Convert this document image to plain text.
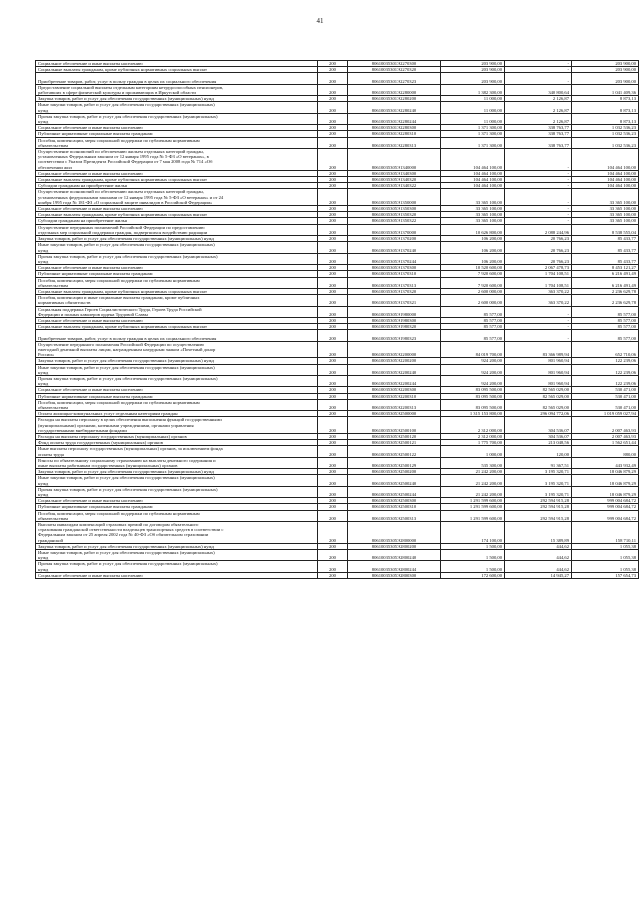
41
Социальное обеспечение и иные выплаты населению	200	80610035301Э2270300	203 900,00	-	203 900,00
Социальные выплаты гражданам, кроме публичных нормативных социальных выплат	200	80610035301Э2270320	203 900,00	-	203 900,00

Приобретение товаров, работ, услуг в пользу граждан в целях их социального обеспечения	200	80610035301Э2270323	203 900,00	-	203 900,00
Предоставление социальной выплаты отдельным категориям нетрудоспособных пенсионеров,
работавших в сфере физической культуры и проживающих в Иркутской области	200	80610035301Э2280000	1 382 300,00	340 800,64	1 041 409,36
Закупка товаров, работ и услуг для обеспечения государственных (муниципальных) нужд	200	80610035301Э2280200	11 000,00	2 126,87	8 873,13
Иные закупки товаров, работ и услуг для обеспечения государственных (муниципальных)
нужд	200	80610035301Э2280240	11 000,00	2 126,87	8 873,13
Прочая закупка товаров, работ и услуг для обеспечения государственных (муниципальных)
нужд	200	80610035301Э2280244	11 000,00	2 126,87	8 873,13
Социальное обеспечение и иные выплаты населению	200	80610035301Э2280300	1 371 300,00	338 763,77	1 032 536,23
Публичные нормативные социальные выплаты гражданам	200	80610035301Э2280310	1 371 300,00	338 763,77	1 032 536,23
Пособия, компенсации, меры социальной поддержки по публичным нормативным
обязательствам	200	80610035301Э2280313	1 371 300,00	338 763,77	1 032 536,23
Осуществление полномочий по обеспечению жильем отдельных категорий граждан,
установленных Федеральным законом от 12 января 1995 года № 5-ФЗ «О ветеранах», в
соответствии с Указом Президента Российской Федерации от 7 мая 2008 года № 714 «Об
обеспечении жил	200	80610035305Э1340000	104 464 100,00	-	104 464 100,00
Социальное обеспечение и иные выплаты населению	200	80610035305Э1340300	104 464 100,00	-	104 464 100,00
Социальные выплаты гражданам, кроме публичных нормативных социальных выплат	200	80610035305Э1340320	104 464 100,00	-	104 464 100,00
Субсидии гражданам на приобретение жилья	200	80610035305Э1340322	104 464 100,00	-	104 464 100,00
Осуществление полномочий по обеспечению жильем отдельных категорий граждан,
установленных федеральными законами от 12 января 1995 года № 5-ФЗ «О ветеранах» и от 24
ноября 1995 года № 181-ФЗ «О социальной защите инвалидов в Российской Федерации»	200	80610035305Э1350000	33 365 100,00	-	33 365 100,00
Социальное обеспечение и иные выплаты населению	200	80610035305Э1350300	33 365 100,00	-	33 365 100,00
Социальные выплаты гражданам, кроме публичных нормативных социальных выплат	200	80610035305Э1350320	33 365 100,00	-	33 365 100,00
Субсидии гражданам на приобретение жилья	200	80610035305Э1350322	33 365 100,00	-	33 365 100,00
Осуществление переданных полномочий Российской Федерации по предоставлению
отдельных мер социальной поддержки граждан, подвергшихся воздействию радиации	200	80610035305Э1370000	10 626 800,00	2 088 244,96	8 538 555,04
Закупка товаров, работ и услуг для обеспечения государственных (муниципальных) нужд	200	80610035305Э1370200	106 200,00	20 766,23	85 433,77
Иные закупки товаров, работ и услуг для обеспечения государственных (муниципальных)
нужд	200	80610035305Э1370240	106 200,00	20 766,23	85 433,77
Прочая закупка товаров, работ и услуг для обеспечения государственных (муниципальных)
нужд	200	80610035305Э1370244	106 200,00	20 766,23	85 433,77
Социальное обеспечение и иные выплаты населению	200	80610035305Э1370300	10 520 600,00	2 067 478,73	8 453 121,27
Публичные нормативные социальные выплаты гражданам	200	80610035305Э1370310	7 920 600,00	1 704 108,51	6 216 491,49
Пособия, компенсации, меры социальной поддержки по публичным нормативным
обязательствам	200	80610035305Э1370313	7 920 600,00	1 704 108,51	6 216 491,49
Социальные выплаты гражданам, кроме публичных нормативных социальных выплат	200	80610035305Э1370320	2 600 000,00	363 370,22	2 236 629,78
Пособия, компенсации и иные социальные выплаты гражданам, кроме публичных
нормативных обязательств	200	80610035305Э1370321	2 600 000,00	363 370,22	2 236 629,78
Социальная поддержка Героев Социалистического Труда, Героев Труда Российской
Федерации и полных кавалеров ордена Трудовой Славы	200	80610035305Э1980000	85 577,00	-	85 577,00
Социальное обеспечение и иные выплаты населению	200	80610035305Э1980300	85 577,00	-	85 577,00
Социальные выплаты гражданам, кроме публичных нормативных социальных выплат	200	80610035305Э1980320	85 577,00	-	85 577,00

Приобретение товаров, работ, услуг в пользу граждан в целях их социального обеспечения	200	80610035305Э1980323	85 577,00	-	85 577,00
Осуществление переданного полномочия Российской Федерации по осуществлению
ежегодной денежной выплаты лицам, награжденным нагрудным знаком «Почетный донор
России»	200	80610035305Э2200000	84 019 700,00	83 366 989,94	652 710,06
Закупка товаров, работ и услуг для обеспечения государственных (муниципальных) нужд	200	80610035305Э2200200	924 200,00	801 960,94	122 239,06
Иные закупки товаров, работ и услуг для обеспечения государственных (муниципальных)
нужд	200	80610035305Э2200240	924 200,00	801 960,94	122 239,06
Прочая закупка товаров, работ и услуг для обеспечения государственных (муниципальных)
нужд	200	80610035305Э2200244	924 200,00	801 960,94	122 239,06
Социальное обеспечение и иные выплаты населению	200	80610035305Э2200300	83 095 500,00	82 565 029,00	530 471,00
Публичные нормативные социальные выплаты гражданам	200	80610035305Э2200310	83 095 500,00	82 565 029,00	530 471,00
Пособия, компенсации, меры социальной поддержки по публичным нормативным
обязательствам	200	80610035305Э2200313	83 095 500,00	82 565 029,00	530 471,00
Оплата жилищно-коммунальных услуг отдельным категориям граждан	200	80610035305Э2500000	1 315 153 800,00	296 094 772,06	1 019 059 027,94
Расходы на выплаты персоналу в целях обеспечения выполнения функций государственными
(муниципальными) органами, казенными учреждениями, органами управления
государственными внебюджетными фондами	200	80610035305Э2500100	2 312 000,00	304 536,07	2 007 463,93
Расходы на выплаты персоналу государственных (муниципальных) органов	200	80610035305Э2500120	2 312 000,00	304 536,07	2 007 463,93
Фонд оплаты труда государственных (муниципальных) органов	200	80610035305Э2500121	1 775 700,00	213 048,56	1 562 651,44
Иные выплаты персоналу государственных (муниципальных) органов, за исключением фонда
оплаты труда	200	80610035305Э2500122	1 000,00	120,00	880,00
Взносы по обязательному социальному страхованию на выплаты денежного содержания и
иные выплаты работникам государственных (муниципальных) органов	200	80610035305Э2500129	535 300,00	91 367,51	443 932,49
Закупка товаров, работ и услуг для обеспечения государственных (муниципальных) нужд	200	80610035305Э2500200	21 242 200,00	3 195 320,71	18 046 879,29
Иные закупки товаров, работ и услуг для обеспечения государственных (муниципальных)
нужд	200	80610035305Э2500240	21 242 200,00	3 195 320,71	18 046 879,29
Прочая закупка товаров, работ и услуг для обеспечения государственных (муниципальных)
нужд	200	80610035305Э2500244	21 242 200,00	3 195 320,71	18 046 879,29
Социальное обеспечение и иные выплаты населению	200	80610035305Э2500300	1 291 599 600,00	292 594 915,28	999 004 684,72
Публичные нормативные социальные выплаты гражданам	200	80610035305Э2500310	1 291 599 600,00	292 594 915,28	999 004 684,72
Пособия, компенсации, меры социальной поддержки по публичным нормативным
обязательствам	200	80610035305Э2500313	1 291 599 600,00	292 594 915,28	999 004 684,72
Выплаты инвалидам компенсаций страховых премий по договорам обязательного
страхования гражданской ответственности владельцев транспортных средств в соответствии с
Федеральным законом от 25 апреля 2002 года № 40-ФЗ «Об обязательном страховании
гражданской	200	80610035305Э2800000	174 100,00	15 389,89	158 710,11
Закупка товаров, работ и услуг для обеспечения государственных (муниципальных) нужд	200	80610035305Э2800200	1 500,00	444,62	1 055,38
Иные закупки товаров, работ и услуг для обеспечения государственных (муниципальных)
нужд	200	80610035305Э2800240	1 500,00	444,62	1 055,38
Прочая закупка товаров, работ и услуг для обеспечения государственных (муниципальных)
нужд	200	80610035305Э2800244	1 500,00	444,62	1 055,38
Социальное обеспечение и иные выплаты населению	200	80610035305Э2800300	172 600,00	14 945,27	157 654,73
